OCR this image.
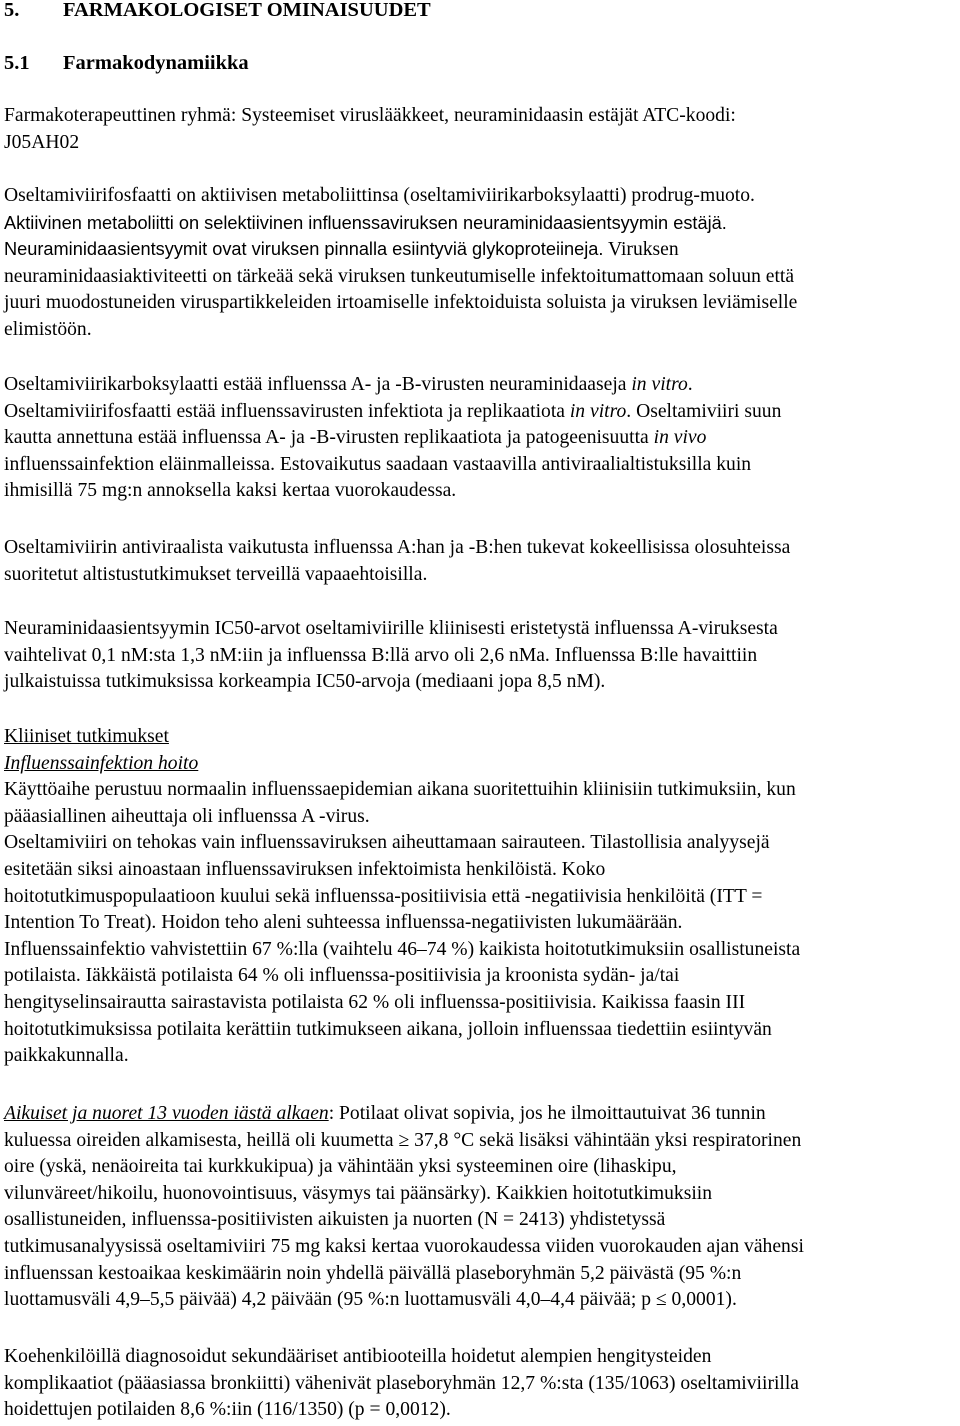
5. FARMAKOLOGISET OMINAISUUDET
5.1 Farmakodynamiikka

Farmakoterapeuttinen ryhmä: Systeemiset viruslääkkeet, neuraminidaasin estäjät ATC-koodi:
J05AH02

Oseltamiviirifosfaatti on aktiivisen metaboliittinsa (oseltamiviirikarboksylaatti) prodrug-muoto.
Aktiivinen metaboliitti on selektiivinen influenssaviruksen neuraminidaasientsyymin estäjä.
Neuraminidaasientsyymit ovat viruksen pinnalla esiintyviä glykoproteiineja. Viruksen
neuraminidaasiaktiviteetti on tärkeää sekä viruksen tunkeutumiselle infektoitumattomaan soluun että
juuri muodostuneiden viruspartikkeleiden irtoamiselle infektoiduista soluista ja viruksen leviämiselle
elimistöön.

Oseltamiviirikarboksylaatti estää influenssa A- ja -B-virusten neuraminidaaseja in vitro.
Oseltamiviirifosfaatti estää influenssavirusten infektiota ja replikaatiota in vitro. Oseltamiviiri suun
kautta annettuna estää influenssa A- ja -B-virusten replikaatiota ja patogeenisuutta in vivo
influenssainfektion eläinmalleissa. Estovaikutus saadaan vastaavilla antiviraalialtistuksilla kuin
ihmisillä 75 mg:n annoksella kaksi kertaa vuorokaudessa.

Oseltamiviirin antiviraalista vaikutusta influenssa A:han ja -B:hen tukevat kokeellisissa olosuhteissa
suoritetut altistustutkimukset terveillä vapaaehtoisilla.

Neuraminidaasientsyymin IC50-arvot oseltamiviirille kliinisesti eristetystä influenssa A-viruksesta
vaihtelivat 0,1 nM:sta 1,3 nM:iin ja influenssa B:llä arvo oli 2,6 nMa. Influenssa B:lle havaittiin
julkaistuissa tutkimuksissa korkeampia IC50-arvoja (mediaani jopa 8,5 nM).

Kliiniset tutkimukset
Influenssainfektion hoito
Käyttöaihe perustuu normaalin influenssaepidemian aikana suoritettuihin kliinisiin tutkimuksiin, kun
pääasiallinen aiheuttaja oli influenssa A -virus.
Oseltamiviiri on tehokas vain influenssaviruksen aiheuttamaan sairauteen. Tilastollisia analyysejä
esitetään siksi ainoastaan influenssaviruksen infektoimista henkilöistä. Koko
hoitotutkimuspopulaatioon kuului sekä influenssa-positiivisia että -negatiivisia henkilöitä (ITT =
Intention To Treat). Hoidon teho aleni suhteessa influenssa-negatiivisten lukumäärään.
Influenssainfektio vahvistettiin 67 %:lla (vaihtelu 46–74 %) kaikista hoitotutkimuksiin osallistuneista
potilaista. Iäkkäistä potilaista 64 % oli influenssa-positiivisia ja kroonista sydän- ja/tai
hengityselinsairautta sairastavista potilaista 62 % oli influenssa-positiivisia. Kaikissa faasin III
hoitotutkimuksissa potilaita kerättiin tutkimukseen aikana, jolloin influenssaa tiedettiin esiintyvän
paikkakunnalla.

Aikuiset ja nuoret 13 vuoden iästä alkaen: Potilaat olivat sopivia, jos he ilmoittautuivat 36 tunnin
kuluessa oireiden alkamisesta, heillä oli kuumetta ≥ 37,8 °C sekä lisäksi vähintään yksi respiratorinen
oire (yskä, nenäoireita tai kurkkukipua) ja vähintään yksi systeeminen oire (lihaskipu,
vilunväreet/hikoilu, huonovointisuus, väsymys tai päänsärky). Kaikkien hoitotutkimuksiin
osallistuneiden, influenssa-positiivisten aikuisten ja nuorten (N = 2413) yhdistetyssä
tutkimusanalyysissä oseltamiviiri 75 mg kaksi kertaa vuorokaudessa viiden vuorokauden ajan vähensi
influenssan kestoaikaa keskimäärin noin yhdellä päivällä plaseboryhmän 5,2 päivästä (95 %:n
luottamusväli 4,9–5,5 päivää) 4,2 päivään (95 %:n luottamusväli 4,0–4,4 päivää; p ≤ 0,0001).

Koehenkilöillä diagnosoidut sekundääriset antibiooteilla hoidetut alempien hengitysteiden
komplikaatiot (pääasiassa bronkiitti) vähenivät plaseboryhmän 12,7 %:sta (135/1063) oseltamiviirilla
hoidettujen potilaiden 8,6 %:iin (116/1350) (p = 0,0012).
